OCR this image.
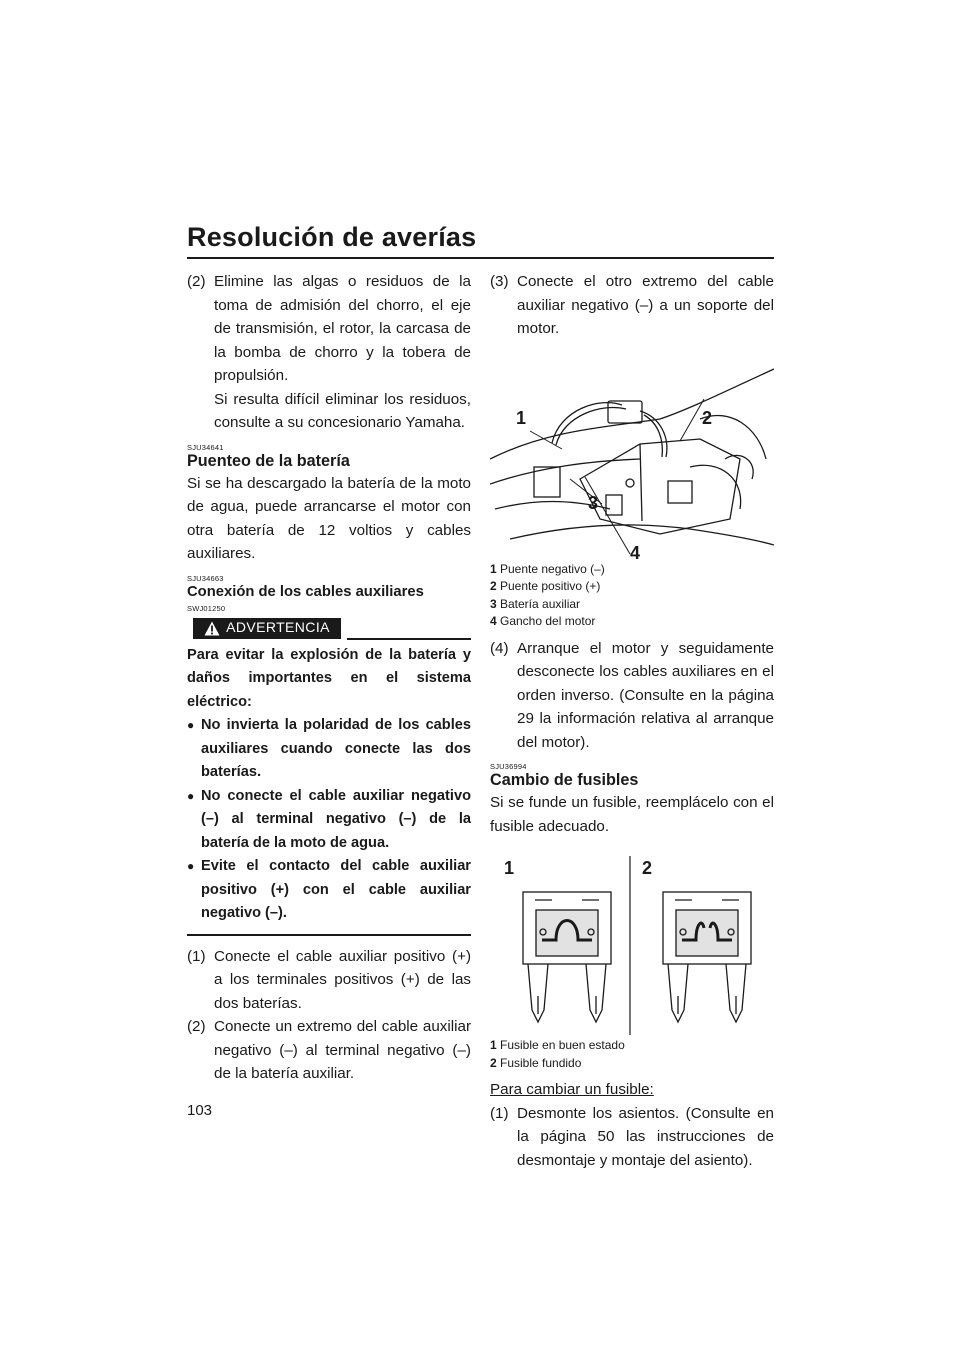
Resolución de averías
(2) Elimine las algas o residuos de la toma de admisión del chorro, el eje de transmisión, el rotor, la carcasa de la bomba de chorro y la tobera de propulsión.

Si resulta difícil eliminar los residuos, consulte a su concesionario Yamaha.

SJU34641
Puenteo de la batería

Si se ha descargado la batería de la moto de agua, puede arrancarse el motor con otra batería de 12 voltios y cables auxiliares.

SJU34663
Conexión de los cables auxiliares
SWJ01250
ADVERTENCIA

Para evitar la explosión de la batería y daños importantes en el sistema eléctrico:

● No invierta la polaridad de los cables auxiliares cuando conecte las dos baterías.
● No conecte el cable auxiliar negativo (–) al terminal negativo (–) de la batería de la moto de agua.
● Evite el contacto del cable auxiliar positivo (+) con el cable auxiliar negativo (–).
(1) Conecte el cable auxiliar positivo (+) a los terminales positivos (+) de las dos baterías.
(2) Conecte un extremo del cable auxiliar negativo (–) al terminal negativo (–) de la batería auxiliar.
(3) Conecte el otro extremo del cable auxiliar negativo (–) a un soporte del motor.
1	2
3
4
1 Puente negativo (–)
2 Puente positivo (+)
3 Batería auxiliar
4 Gancho del motor
(4) Arranque el motor y seguidamente desconecte los cables auxiliares en el orden inverso. (Consulte en la página 29 la información relativa al arranque del motor).
SJU36994
Cambio de fusibles

Si se funde un fusible, reemplácelo con el fusible adecuado.

1	2
1 Fusible en buen estado
2 Fusible fundido
Para cambiar un fusible:
(1) Desmonte los asientos. (Consulte en la página 50 las instrucciones de desmontaje y montaje del asiento).
103
